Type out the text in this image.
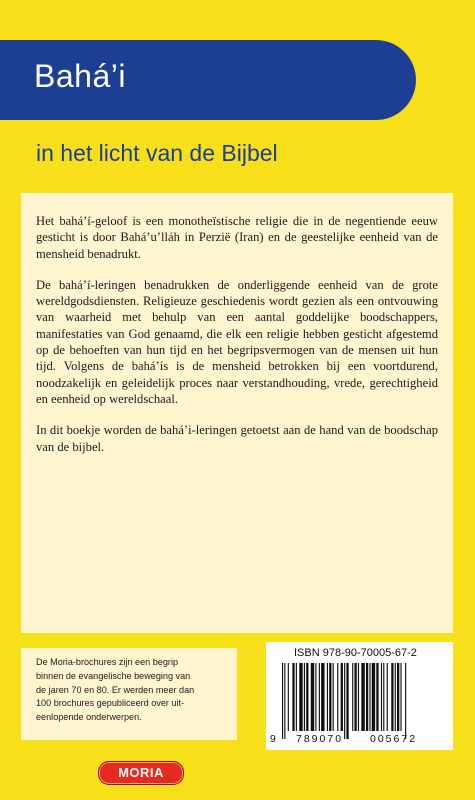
Bahá’i
in het licht van de Bijbel

Het bahá’í-geloof is een monotheïstische religie die in de negentiende eeuw gesticht is door Bahá’u’lláh in Perzië (Iran) en de geestelijke eenheid van de mensheid benadrukt.

De bahá’í-leringen benadrukken de onderliggende eenheid van de grote wereldgodsdiensten. Religieuze geschiedenis wordt gezien als een ontvouwing van waarheid met behulp van een aantal goddelijke boodschappers, manifestaties van God genaamd, die elk een religie hebben gesticht afgestemd op de behoeften van hun tijd en het begripsvermogen van de mensen uit hun tijd. Volgens de bahá’ís is de mensheid betrokken bij een voortdurend, noodzakelijk en geleidelijk proces naar verstandhouding, vrede, gerechtigheid en eenheid op wereldschaal.

In dit boekje worden de bahá’i-leringen getoetst aan de hand van de boodschap van de bijbel.

De Moria-brochures zijn een begrip
binnen de evangelische beweging van
de jaren 70 en 80. Er werden meer dan
100 brochures gepubliceerd over uit-
eenlopende onderwerpen.
ISBN 978-90-70005-67-2
9 789070	005672
MORIA
